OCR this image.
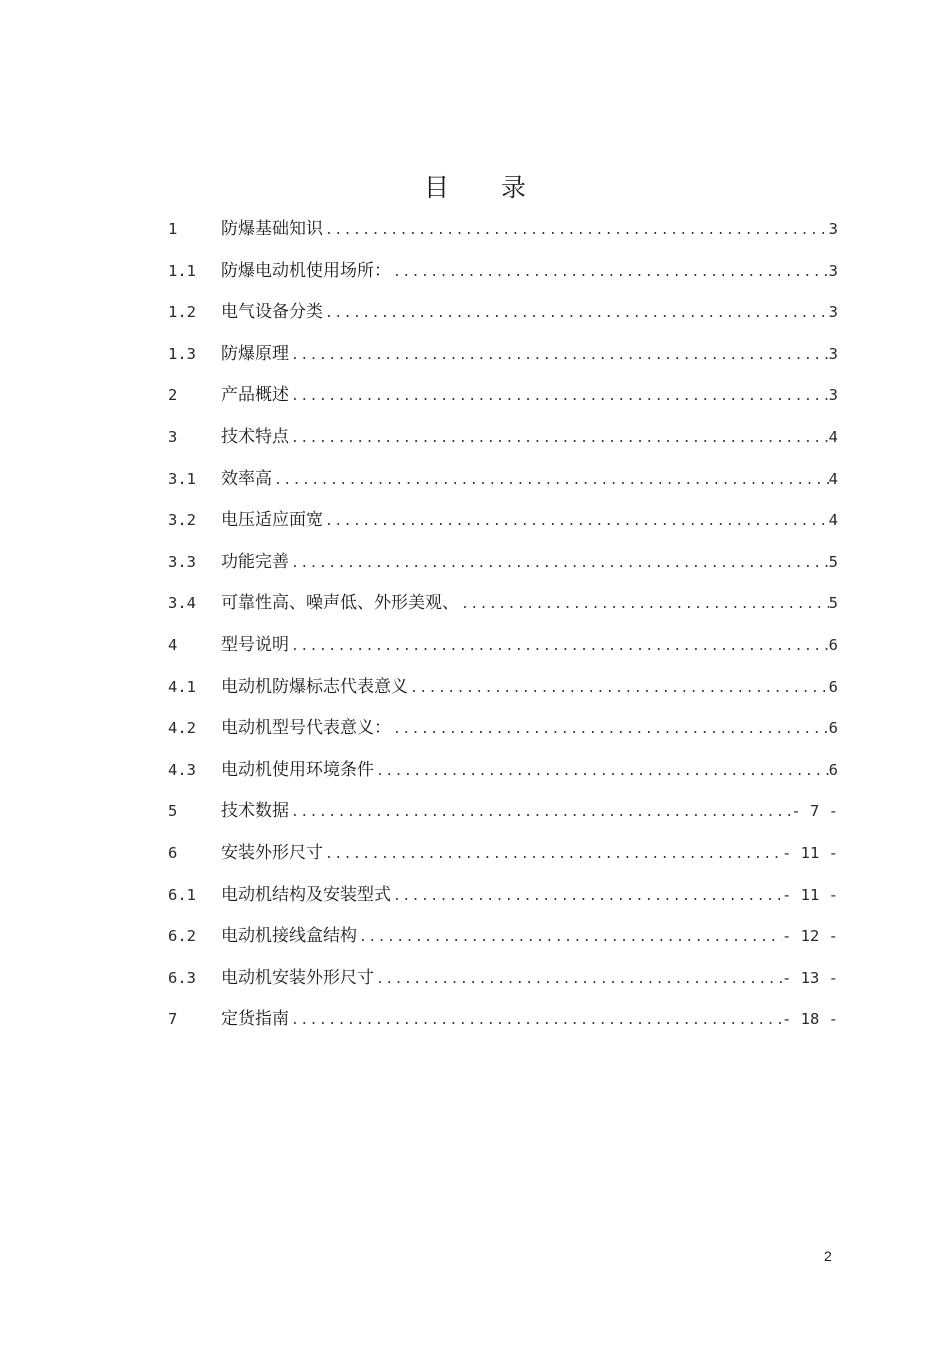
目 录
1	防爆基础知识 .....	3
1.1	防爆电动机使用场所： .....	3
1.2	电气设备分类 .....	3
1.3	防爆原理 .....	3
2	产品概述 .....	3
3	技术特点 .....	4
3.1	效率高 .....	4
3.2	电压适应面宽 .....	4
3.3	功能完善 .....	5
3.4	可靠性高、噪声低、外形美观、 .....	5
4	型号说明 .....	6
4.1	电动机防爆标志代表意义 .....	6
4.2	电动机型号代表意义： .....	6
4.3	电动机使用环境条件 .....	6
5	技术数据 .....	- 7 -
6	安装外形尺寸 .....	- 11 -
6.1	电动机结构及安装型式 .....	- 11 -
6.2	电动机接线盒结构 .....	- 12 -
6.3	电动机安装外形尺寸 .....	- 13 -
7	定货指南 .....	- 18 -
2
